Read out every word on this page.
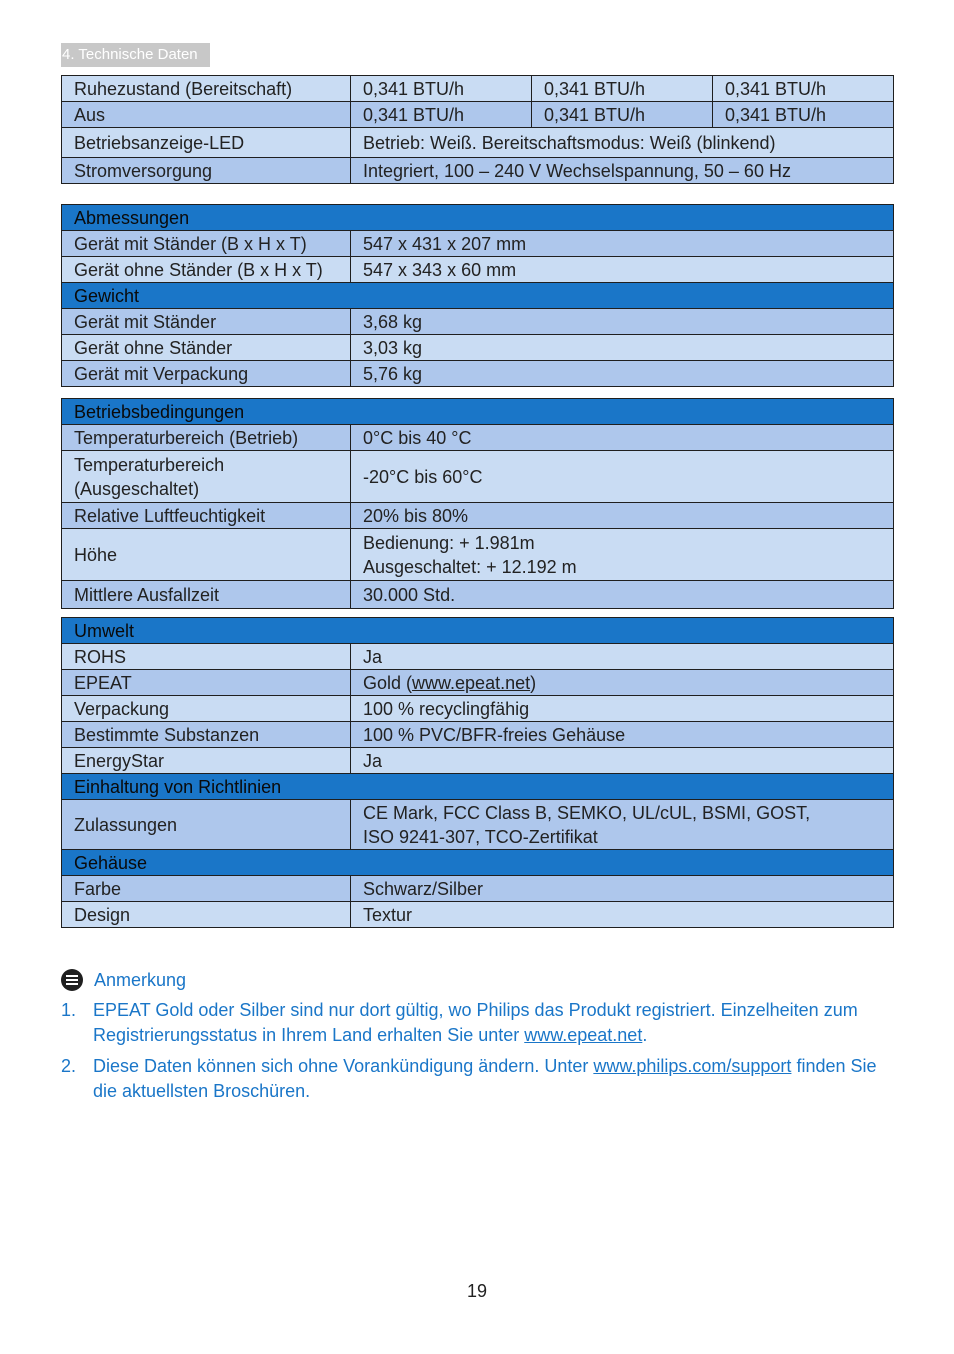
4. Technische Daten
Ruhezustand (Bereitschaft)	0,341 BTU/h	0,341 BTU/h	0,341 BTU/h
Aus	0,341 BTU/h	0,341 BTU/h	0,341 BTU/h
Betriebsanzeige-LED	Betrieb: Weiß. Bereitschaftsmodus: Weiß (blinkend)		
Stromversorgung	Integriert, 100 – 240 V Wechselspannung, 50 – 60 Hz		
Abmessungen	
Gerät mit Ständer (B x H x T)	547 x 431 x 207 mm
Gerät ohne Ständer (B x H x T)	547 x 343 x 60 mm
Gewicht	
Gerät mit Ständer	3,68 kg
Gerät ohne Ständer	3,03 kg
Gerät mit Verpackung	5,76 kg
Betriebsbedingungen	
Temperaturbereich (Betrieb)	0°C bis 40 °C
Temperaturbereich (Ausgeschaltet)	-20°C bis 60°C
Relative Luftfeuchtigkeit	20% bis 80%
Höhe	Bedienung: + 1.981m
Ausgeschaltet: + 12.192 m

Mittlere Ausfallzeit	30.000 Std.
Umwelt	
ROHS	Ja
EPEAT	Gold (www.epeat.net)
Verpackung	100 % recyclingfähig
Bestimmte Substanzen	100 % PVC/BFR-freies Gehäuse
EnergyStar	Ja
Einhaltung von Richtlinien	
Zulassungen	CE Mark, FCC Class B, SEMKO, UL/cUL, BSMI, GOST,
ISO 9241-307, TCO-Zertifikat

Gehäuse	
Farbe	Schwarz/Silber
Design	Textur
Anmerkung
1. EPEAT Gold oder Silber sind nur dort gültig, wo Philips das Produkt registriert. Einzelheiten zum Registrierungsstatus in Ihrem Land erhalten Sie unter www.epeat.net.
2. Diese Daten können sich ohne Vorankündigung ändern. Unter www.philips.com/support finden Sie die aktuellsten Broschüren.
19
